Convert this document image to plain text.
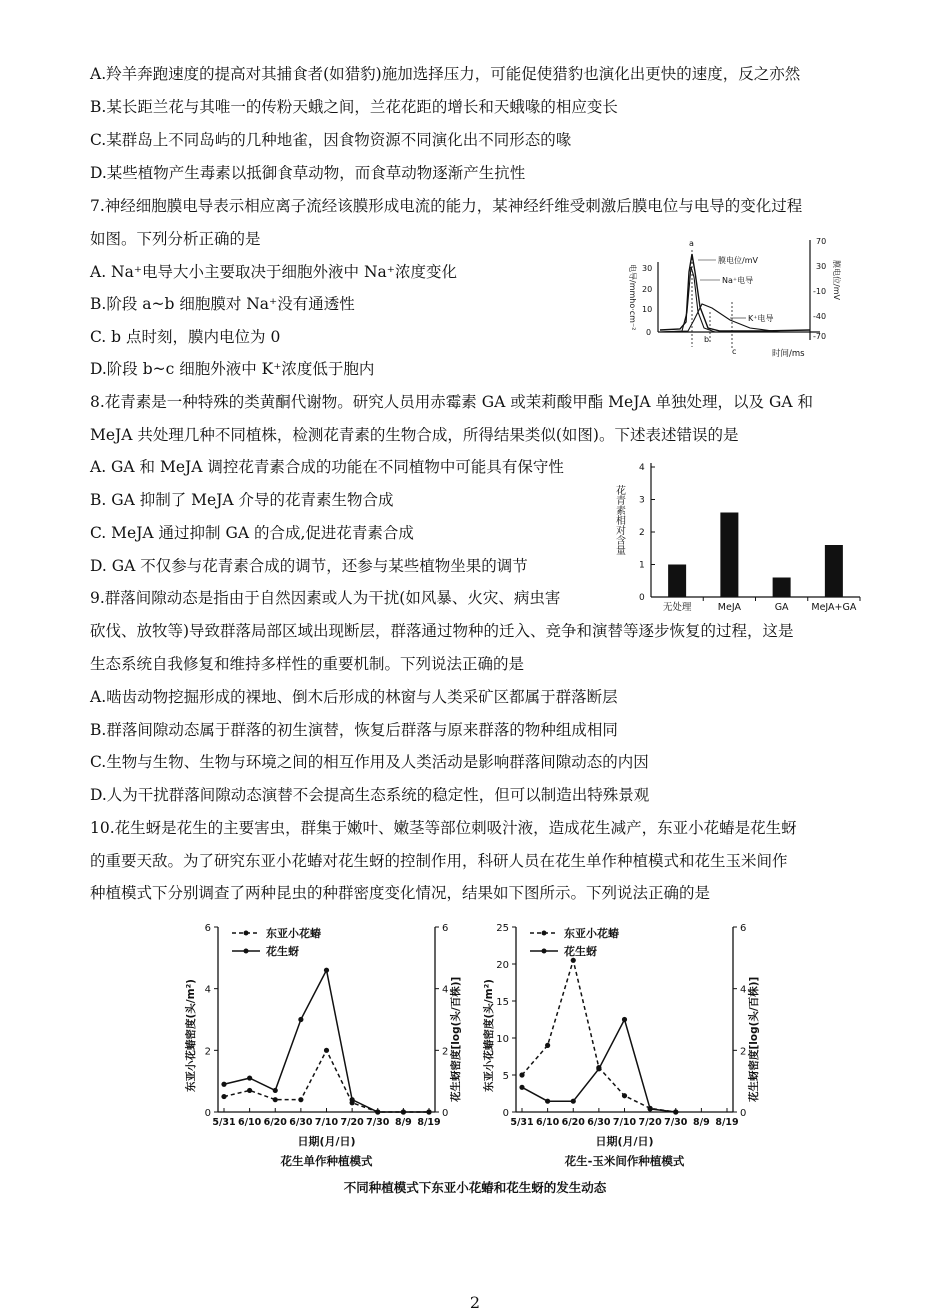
A.羚羊奔跑速度的提高对其捕食者(如猎豹)施加选择压力，可能促使猎豹也演化出更快的速度，反之亦然
B.某长距兰花与其唯一的传粉天蛾之间，兰花花距的增长和天蛾喙的相应变长
C.某群岛上不同岛屿的几种地雀，因食物资源不同演化出不同形态的喙
D.某些植物产生毒素以抵御食草动物，而食草动物逐渐产生抗性
7.神经细胞膜电导表示相应离子流经该膜形成电流的能力，某神经纤维受刺激后膜电位与电导的变化过程
如图。下列分析正确的是
A. Na⁺电导大小主要取决于细胞外液中 Na⁺浓度变化
B.阶段 a~b 细胞膜对 Na⁺没有通透性
C. b 点时刻，膜内电位为 0
D.阶段 b~c 细胞外液中 K⁺浓度低于胞内
8.花青素是一种特殊的类黄酮代谢物。研究人员用赤霉素 GA 或茉莉酸甲酯 MeJA 单独处理，以及 GA 和
MeJA 共处理几种不同植株，检测花青素的生物合成，所得结果类似(如图)。下述表述错误的是
A. GA 和 MeJA 调控花青素合成的功能在不同植物中可能具有保守性
B. GA 抑制了 MeJA 介导的花青素生物合成
C. MeJA 通过抑制 GA 的合成,促进花青素合成
D. GA 不仅参与花青素合成的调节，还参与某些植物坐果的调节
9.群落间隙动态是指由于自然因素或人为干扰(如风暴、火灾、病虫害
砍伐、放牧等)导致群落局部区域出现断层，群落通过物种的迁入、竞争和演替等逐步恢复的过程，这是
生态系统自我修复和维持多样性的重要机制。下列说法正确的是
A.啮齿动物挖掘形成的裸地、倒木后形成的林窗与人类采矿区都属于群落断层
B.群落间隙动态属于群落的初生演替，恢复后群落与原来群落的物种组成相同
C.生物与生物、生物与环境之间的相互作用及人类活动是影响群落间隙动态的内因
D.人为干扰群落间隙动态演替不会提高生态系统的稳定性，但可以制造出特殊景观
10.花生蚜是花生的主要害虫，群集于嫩叶、嫩茎等部位刺吸汁液，造成花生减产，东亚小花蝽是花生蚜
的重要天敌。为了研究东亚小花蝽对花生蚜的控制作用，科研人员在花生单作种植模式和花生玉米间作
种植模式下分别调查了两种昆虫的种群密度变化情况，结果如下图所示。下列说法正确的是
电导/mmho·cm⁻² 30
20
10
0
70
30
-10
-40
-70
膜电位/mV
a
b
c
膜电位/mV
Na⁺电导
K⁺电导
时间/ms
花青素相对含量
0
1
2
3
4
无处理	MeJA	GA MeJA+GA
0
2
4
6
0
2
4
6
5/31 6/10 6/20 6/30 7/10 7/20 7/30 8/9 8/19
东亚小花蝽密度(头/m²)	花生蚜密度[log(头/百株)]
日期(月/日)
花生单作种植模式
东亚小花蝽
花生蚜
0
5
10
15
20
25
0
2
4
6
5/31 6/10 6/20 6/30 7/10 7/20 7/30 8/9 8/19
东亚小花蝽密度(头/m²)	花生蚜密度[log(头/百株)]
日期(月/日)
花生-玉米间作种植模式
东亚小花蝽
花生蚜
不同种植模式下东亚小花蝽和花生蚜的发生动态
2
